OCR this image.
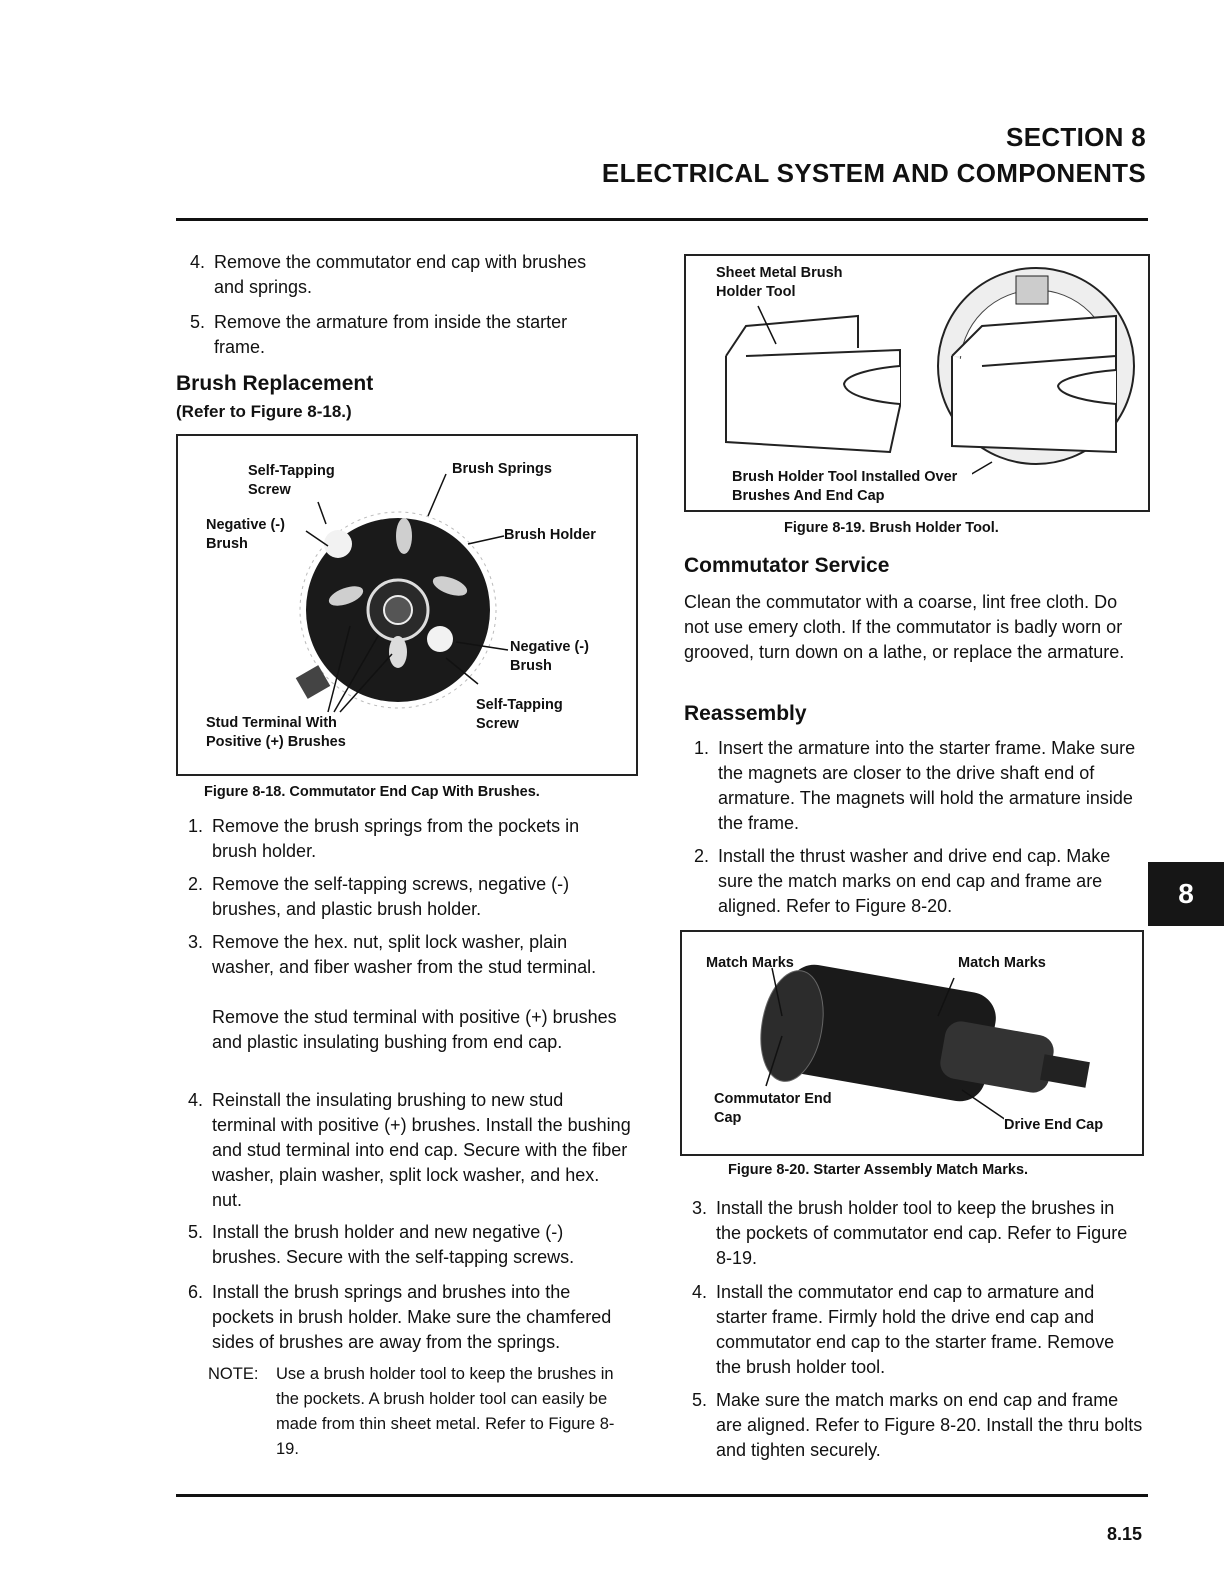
SECTION 8
ELECTRICAL SYSTEM AND COMPONENTS
4. Remove the commutator end cap with brushes and springs.
5. Remove the armature from inside the starter frame.
Brush Replacement
(Refer to Figure 8-18.)
Self-Tapping Screw
Brush Springs
Negative (-) Brush
Brush Holder
Negative (-) Brush
Self-Tapping Screw
Stud Terminal With Positive (+) Brushes
Figure 8-18. Commutator End Cap With Brushes.
1. Remove the brush springs from the pockets in brush holder.
2. Remove the self-tapping screws, negative (-) brushes, and plastic brush holder.
3. Remove the hex. nut, split lock washer, plain washer, and fiber washer from the stud terminal.
Remove the stud terminal with positive (+) brushes and plastic insulating bushing from end cap.
4. Reinstall the insulating brushing to new stud terminal with positive (+) brushes. Install the bushing and stud terminal into end cap. Secure with the fiber washer, plain washer, split lock washer, and hex. nut.
5. Install the brush holder and new negative (-) brushes. Secure with the self-tapping screws.
6. Install the brush springs and brushes into the pockets in brush holder. Make sure the chamfered sides of brushes are away from the springs.
NOTE: Use a brush holder tool to keep the brushes in the pockets. A brush holder tool can easily be made from thin sheet metal. Refer to Figure 8-19.
Sheet Metal Brush Holder Tool
Brush Holder Tool Installed Over Brushes And End Cap
Figure 8-19. Brush Holder Tool.
Commutator Service
Clean the commutator with a coarse, lint free cloth. Do not use emery cloth. If the commutator is badly worn or grooved, turn down on a lathe, or replace the armature.
Reassembly
1. Insert the armature into the starter frame. Make sure the magnets are closer to the drive shaft end of armature. The magnets will hold the armature inside the frame.
2. Install the thrust washer and drive end cap. Make sure the match marks on end cap and frame are aligned. Refer to Figure 8-20.
Match Marks	Match Marks
Commutator End Cap	Drive End Cap
Figure 8-20. Starter Assembly Match Marks.
3. Install the brush holder tool to keep the brushes in the pockets of commutator end cap. Refer to Figure 8-19.
4. Install the commutator end cap to armature and starter frame. Firmly hold the drive end cap and commutator end cap to the starter frame. Remove the brush holder tool.
5. Make sure the match marks on end cap and frame are aligned. Refer to Figure 8-20. Install the thru bolts and tighten securely.
8
8.15
